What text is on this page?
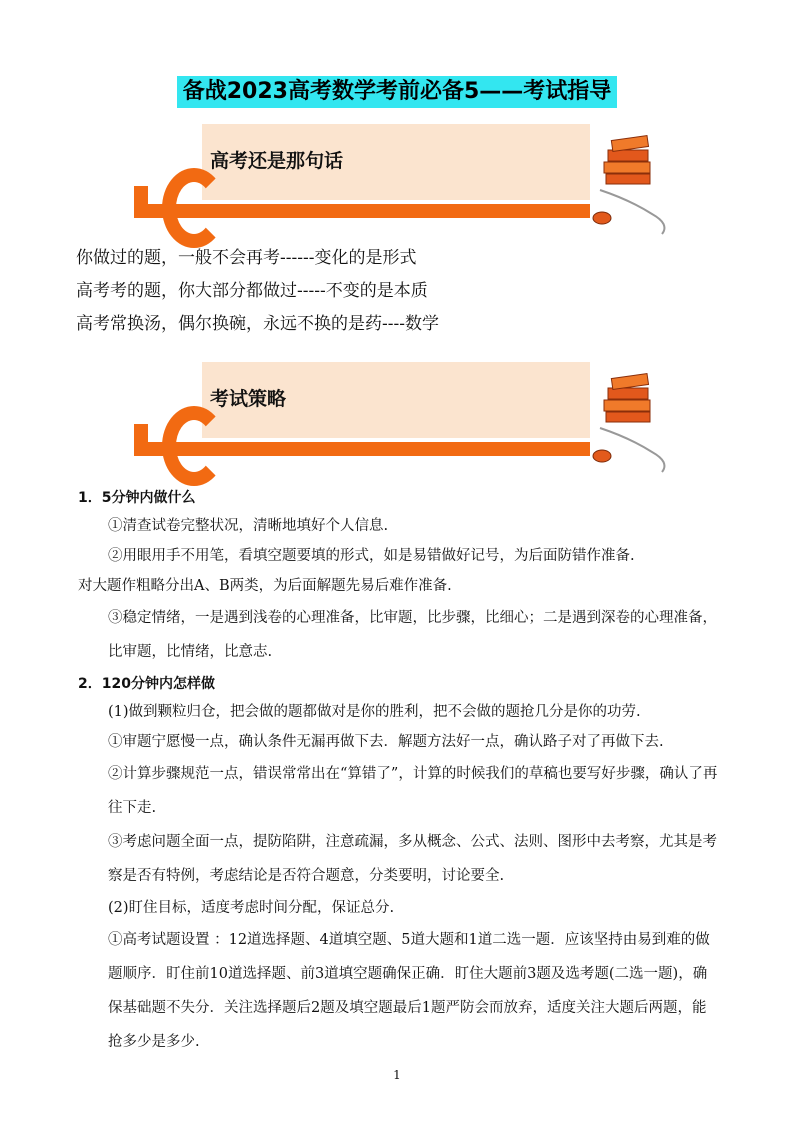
备战2023高考数学考前必备5——考试指导
高考还是那句话
你做过的题，一般不会再考------变化的是形式
高考考的题，你大部分都做过-----不变的是本质
高考常换汤，偶尔换碗，永远不换的是药----数学
考试策略
1．5分钟内做什么
①清查试卷完整状况，清晰地填好个人信息.
②用眼用手不用笔，看填空题要填的形式，如是易错做好记号，为后面防错作准备.
对大题作粗略分出A、B两类，为后面解题先易后难作准备.
③稳定情绪，一是遇到浅卷的心理准备，比审题，比步骤，比细心；二是遇到深卷的心理准备，比审题，比情绪，比意志.
2．120分钟内怎样做
(1)做到颗粒归仓，把会做的题都做对是你的胜利，把不会做的题抢几分是你的功劳.
①审题宁愿慢一点，确认条件无漏再做下去．解题方法好一点，确认路子对了再做下去.
②计算步骤规范一点，错误常常出在“算错了”，计算的时候我们的草稿也要写好步骤，确认了再往下走.
③考虑问题全面一点，提防陷阱，注意疏漏，多从概念、公式、法则、图形中去考察，尤其是考察是否有特例，考虑结论是否符合题意，分类要明，讨论要全.
(2)盯住目标，适度考虑时间分配，保证总分.
①高考试题设置 ：12道选择题、4道填空题、5道大题和1道二选一题．应该坚持由易到难的做题顺序．盯住前10道选择题、前3道填空题确保正确．盯住大题前3题及选考题(二选一题)，确保基础题不失分．关注选择题后2题及填空题最后1题严防会而放弃，适度关注大题后两题，能抢多少是多少.
1
